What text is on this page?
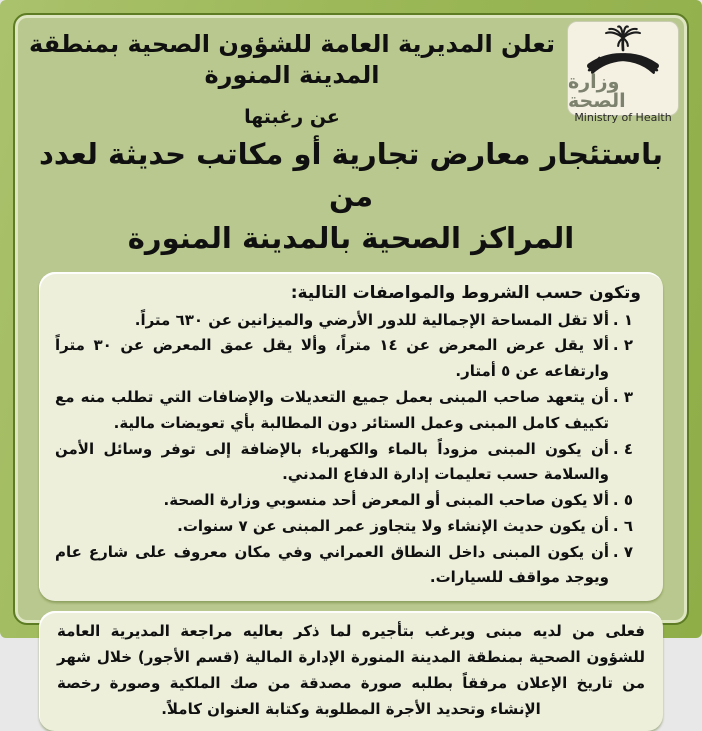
وزارة الصحة
Ministry of Health
تعلن المديرية العامة للشؤون الصحية بمنطقة المدينة المنورة
عن رغبتها
باستئجار معارض تجارية أو مكاتب حديثة لعدد من
المراكز الصحية بالمدينة المنورة
وتكون حسب الشروط والمواصفات التالية:
١ .
ألا تقل المساحة الإجمالية للدور الأرضي والميزانين عن ٦٣٠ متراً.
٢ .
ألا يقل عرض المعرض عن ١٤ متراً، وألا يقل عمق المعرض عن ٣٠ متراً وارتفاعه عن ٥ أمتار.
٣ .
أن يتعهد صاحب المبنى بعمل جميع التعديلات والإضافات التي تطلب منه مع تكييف كامل المبنى وعمل الستائر دون المطالبة بأي تعويضات مالية.
٤ .
أن يكون المبنى مزوداً بالماء والكهرباء بالإضافة إلى توفر وسائل الأمن والسلامة حسب تعليمات إدارة الدفاع المدني.
٥ .
ألا يكون صاحب المبنى أو المعرض أحد منسوبي وزارة الصحة.
٦ .
أن يكون حديث الإنشاء ولا يتجاوز عمر المبنى عن ٧ سنوات.
٧ .
أن يكون المبنى داخل النطاق العمراني وفي مكان معروف على شارع عام ويوجد مواقف للسيارات.
فعلى من لديه مبنى ويرغب بتأجيره لما ذكر بعاليه مراجعة المديرية العامة للشؤون الصحية بمنطقة المدينة المنورة الإدارة المالية (قسم الأجور) خلال شهر من تاريخ الإعلان مرفقاً بطلبه صورة مصدقة من صك الملكية وصورة رخصة الإنشاء وتحديد الأجرة المطلوبة وكتابة العنوان كاملاً.
